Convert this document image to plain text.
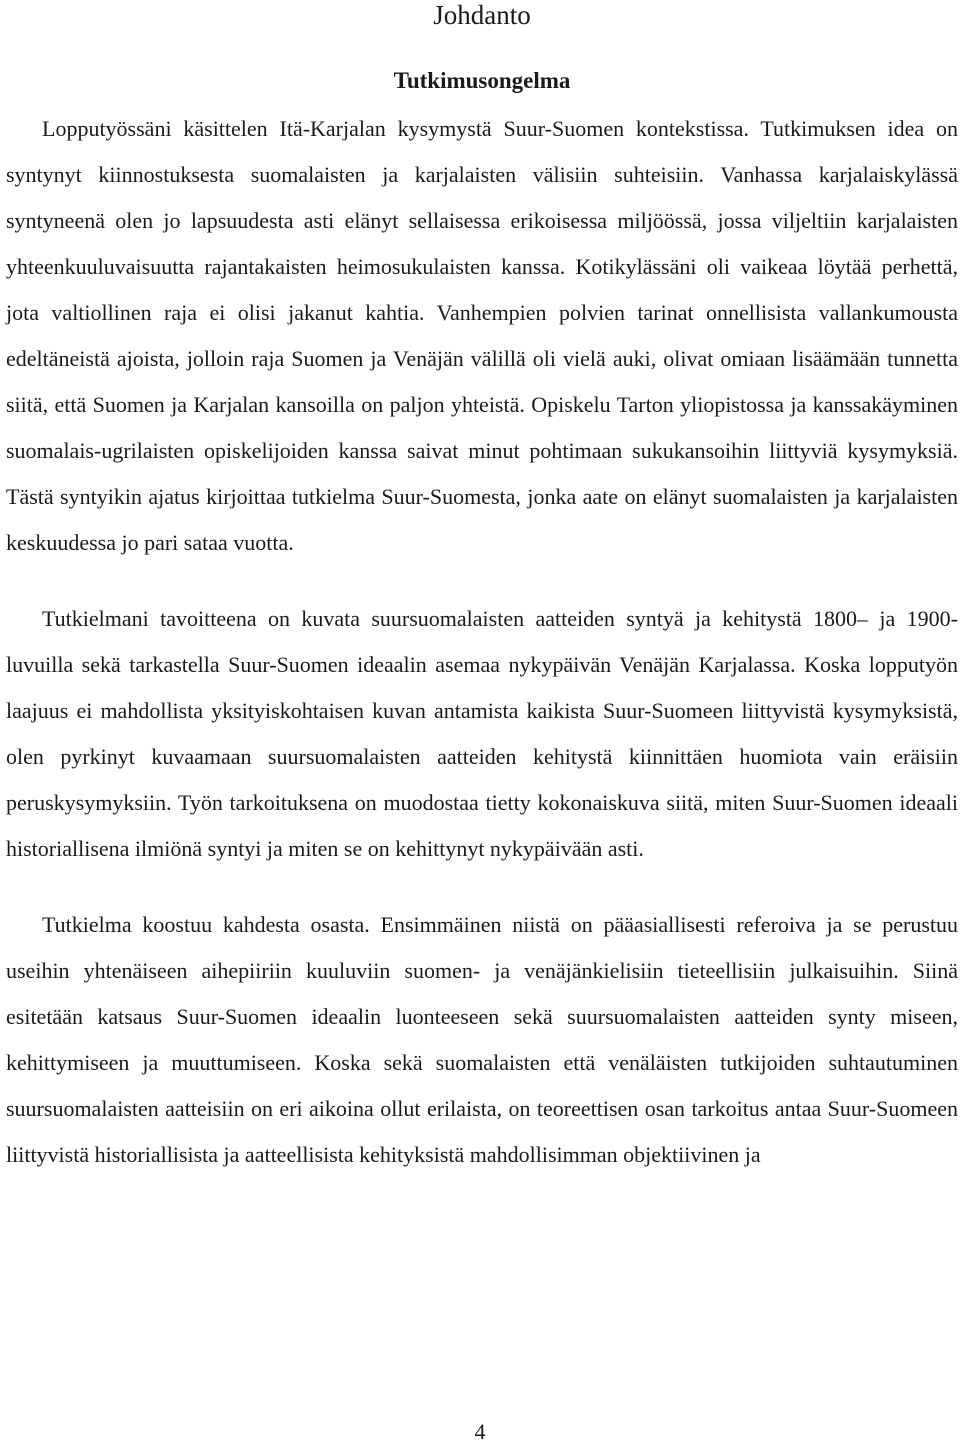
Johdanto
Tutkimusongelma

Lopputyössäni käsittelen Itä-Karjalan kysymystä Suur-Suomen kontekstissa. Tutkimuksen idea on syntynyt kiinnostuksesta suomalaisten ja karjalaisten välisiin suhteisiin. Vanhassa karjalaiskylässä syntyneenä olen jo lapsuudesta asti elänyt sellaisessa erikoisessa miljöössä, jossa viljeltiin karjalaisten yhteenkuuluvaisuutta rajantakaisten heimosukulaisten kanssa. Kotikylässäni oli vaikeaa löytää perhettä, jota valtiollinen raja ei olisi jakanut kahtia. Vanhempien polvien tarinat onnellisista vallankumousta edeltäneistä ajoista, jolloin raja Suomen ja Venäjän välillä oli vielä auki, olivat omiaan lisäämään tunnetta siitä, että Suomen ja Karjalan kansoilla on paljon yhteistä. Opiskelu Tarton yliopistossa ja kanssakäyminen suomalais-ugrilaisten opiskelijoiden kanssa saivat minut pohtimaan sukukansoihin liittyviä kysymyksiä. Tästä syntyikin ajatus kirjoittaa tutkielma Suur-Suomesta, jonka aate on elänyt suomalaisten ja karjalaisten keskuudessa jo pari sataa vuotta.

Tutkielmani tavoitteena on kuvata suursuomalaisten aatteiden syntyä ja kehitystä 1800– ja 1900-luvuilla sekä tarkastella Suur-Suomen ideaalin asemaa nykypäivän Venäjän Karjalassa. Koska lopputyön laajuus ei mahdollista yksityiskohtaisen kuvan antamista kaikista Suur-Suomeen liittyvistä kysymyksistä, olen pyrkinyt kuvaamaan suursuomalaisten aatteiden kehitystä kiinnittäen huomiota vain eräisiin peruskysymyksiin. Työn tarkoituksena on muodostaa tietty kokonaiskuva siitä, miten Suur-Suomen ideaali historiallisena ilmiönä syntyi ja miten se on kehittynyt nykypäivään asti.

Tutkielma koostuu kahdesta osasta. Ensimmäinen niistä on pääasiallisesti referoiva ja se perustuu useihin yhtenäiseen aihepiiriin kuuluviin suomen- ja venäjänkielisiin tieteellisiin julkaisuihin. Siinä esitetään katsaus Suur-Suomen ideaalin luonteeseen sekä suursuomalaisten aatteiden synty miseen, kehittymiseen ja muuttumiseen. Koska sekä suomalaisten että venäläisten tutkijoiden suhtautuminen suursuomalaisten aatteisiin on eri aikoina ollut erilaista, on teoreettisen osan tarkoitus antaa Suur-Suomeen liittyvistä historiallisista ja aatteellisista kehityksistä mahdollisimman objektiivinen ja

4
